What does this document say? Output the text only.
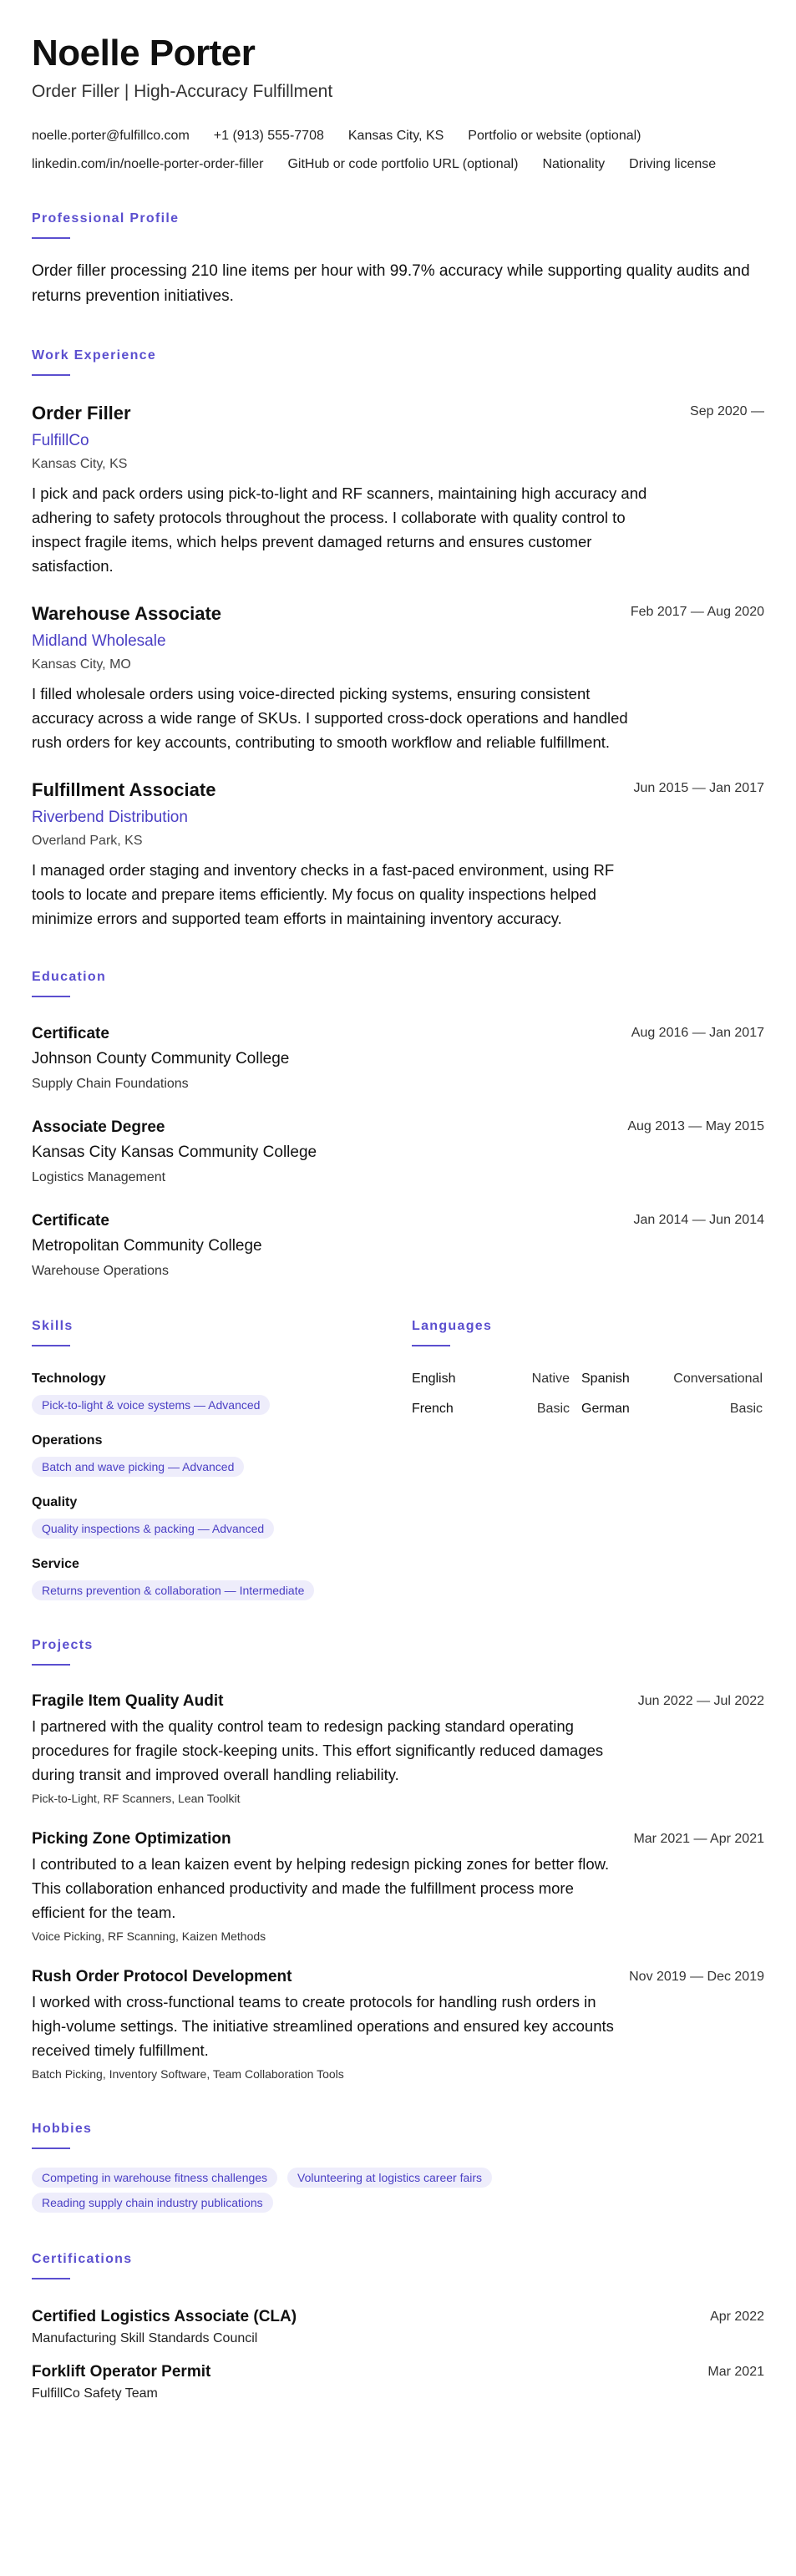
Noelle Porter
Order Filler | High-Accuracy Fulfillment
noelle.porter@fulfillco.com +1 (913) 555-7708 Kansas City, KS Portfolio or website (optional)
linkedin.com/in/noelle-porter-order-filler GitHub or code portfolio URL (optional) Nationality Driving license
Professional Profile
Order filler processing 210 line items per hour with 99.7% accuracy while supporting quality audits and returns prevention initiatives.
Work Experience
Order Filler	Sep 2020 —
FulfillCo
Kansas City, KS
I pick and pack orders using pick-to-light and RF scanners, maintaining high accuracy and adhering to safety protocols throughout the process. I collaborate with quality control to inspect fragile items, which helps prevent damaged returns and ensures customer satisfaction.
Warehouse Associate	Feb 2017 — Aug 2020
Midland Wholesale
Kansas City, MO
I filled wholesale orders using voice-directed picking systems, ensuring consistent accuracy across a wide range of SKUs. I supported cross-dock operations and handled rush orders for key accounts, contributing to smooth workflow and reliable fulfillment.
Fulfillment Associate	Jun 2015 — Jan 2017
Riverbend Distribution
Overland Park, KS
I managed order staging and inventory checks in a fast-paced environment, using RF tools to locate and prepare items efficiently. My focus on quality inspections helped minimize errors and supported team efforts in maintaining inventory accuracy.
Education
Certificate	Aug 2016 — Jan 2017
Johnson County Community College
Supply Chain Foundations
Associate Degree	Aug 2013 — May 2015
Kansas City Kansas Community College
Logistics Management
Certificate	Jan 2014 — Jun 2014
Metropolitan Community College
Warehouse Operations
Skills
Technology
Pick-to-light & voice systems — Advanced
Operations
Batch and wave picking — Advanced
Quality
Quality inspections & packing — Advanced
Service
Returns prevention & collaboration — Intermediate
Languages
English	Native Spanish	Conversational
French	Basic German	Basic
Projects
Fragile Item Quality Audit	Jun 2022 — Jul 2022
I partnered with the quality control team to redesign packing standard operating procedures for fragile stock-keeping units. This effort significantly reduced damages during transit and improved overall handling reliability.
Pick-to-Light, RF Scanners, Lean Toolkit
Picking Zone Optimization	Mar 2021 — Apr 2021
I contributed to a lean kaizen event by helping redesign picking zones for better flow. This collaboration enhanced productivity and made the fulfillment process more efficient for the team.
Voice Picking, RF Scanning, Kaizen Methods
Rush Order Protocol Development	Nov 2019 — Dec 2019
I worked with cross-functional teams to create protocols for handling rush orders in high-volume settings. The initiative streamlined operations and ensured key accounts received timely fulfillment.
Batch Picking, Inventory Software, Team Collaboration Tools
Hobbies
Competing in warehouse fitness challenges	Volunteering at logistics career fairs
Reading supply chain industry publications
Certifications
Certified Logistics Associate (CLA)	Apr 2022
Manufacturing Skill Standards Council
Forklift Operator Permit	Mar 2021
FulfillCo Safety Team
